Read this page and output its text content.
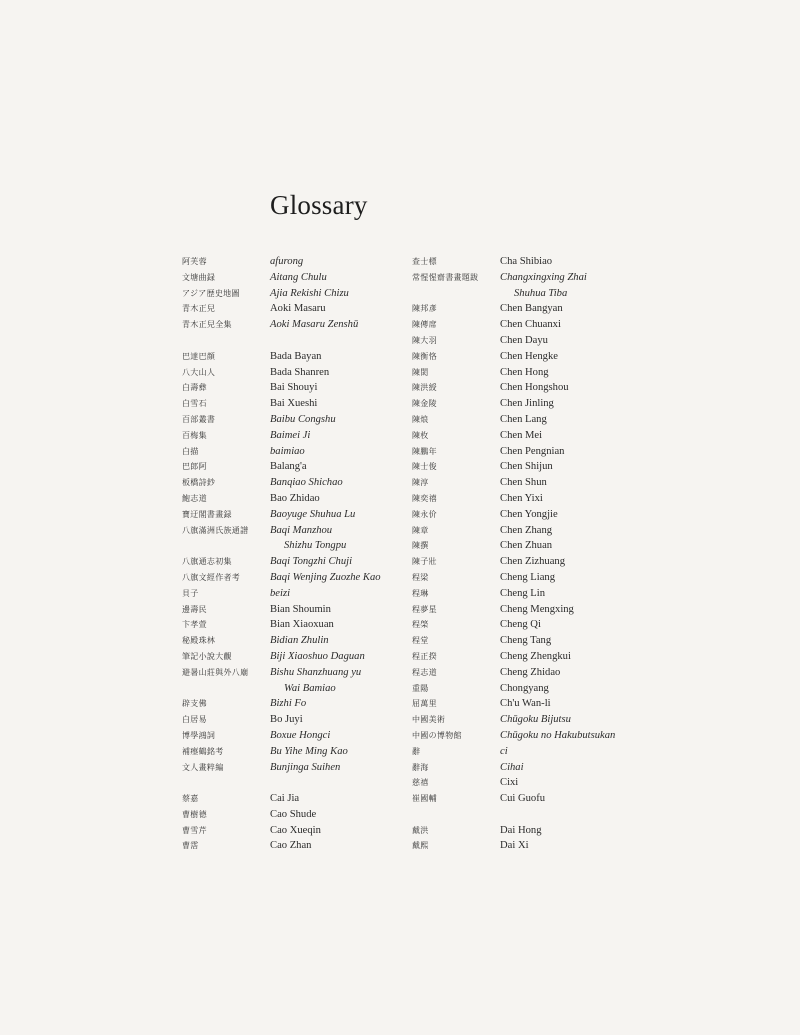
Glossary
阿芙蓉	afurong
文塘曲録	Aitang Chulu
アジア歴史地圖	Ajia Rekishi Chizu
青木正兒	Aoki Masaru
青木正兒全集	Aoki Masaru Zenshū
巴達巴顔	Bada Bayan
八大山人	Bada Shanren
白壽彝	Bai Shouyi
白雪石	Bai Xueshi
百部叢書	Baibu Congshu
百梅集	Baimei Ji
白描	baimiao
巴郎阿	Balang'a
板橋詩鈔	Banqiao Shichao
鮑志道	Bao Zhidao
寶迂閣書畫録	Baoyuge Shuhua Lu
八旗滿洲氏族通譜	Baqi Manzhou
Shizhu Tongpu
八旗通志初集	Baqi Tongzhi Chuji
八旗文經作者考	Baqi Wenjing Zuozhe Kao
貝子	beizi
邊壽民	Bian Shoumin
卞孝萱	Bian Xiaoxuan
秘殿珠林	Bidian Zhulin
筆記小說大觀	Biji Xiaoshuo Daguan
避暑山莊與外八廟	Bishu Shanzhuang yu
Wai Bamiao
辟支佛	Bizhi Fo
白居易	Bo Juyi
博學鴻詞	Boxue Hongci
補瘞鶴銘考	Bu Yihe Ming Kao
文人畫粹編	Bunjinga Suihen
蔡嘉	Cai Jia
曹樹德	Cao Shude
曹雪芹	Cao Xueqin
曹霑	Cao Zhan
查士標	Cha Shibiao
常惺惺齋書畫題跋	Changxingxing Zhai
Shuhua Tiba
陳邦彥	Chen Bangyan
陳傳席	Chen Chuanxi
陳大羽	Chen Dayu
陳衡恪	Chen Hengke
陳閎	Chen Hong
陳洪綬	Chen Hongshou
陳金陵	Chen Jinling
陳烺	Chen Lang
陳枚	Chen Mei
陳鵬年	Chen Pengnian
陳士俊	Chen Shijun
陳淳	Chen Shun
陳奕禧	Chen Yixi
陳永价	Chen Yongjie
陳章	Chen Zhang
陳撰	Chen Zhuan
陳子壯	Chen Zizhuang
程梁	Cheng Liang
程琳	Cheng Lin
程夢星	Cheng Mengxing
程棨	Cheng Qi
程堂	Cheng Tang
程正揆	Cheng Zhengkui
程志道	Cheng Zhidao
重陽	Chongyang
屈萬里	Ch'u Wan-li
中國美術	Chūgoku Bijutsu
中國の博物館	Chūgoku no Hakubutsukan
辭	ci
辭海	Cihai
慈禧	Cixi
崔國輔	Cui Guofu
戴洪	Dai Hong
戴熙	Dai Xi
